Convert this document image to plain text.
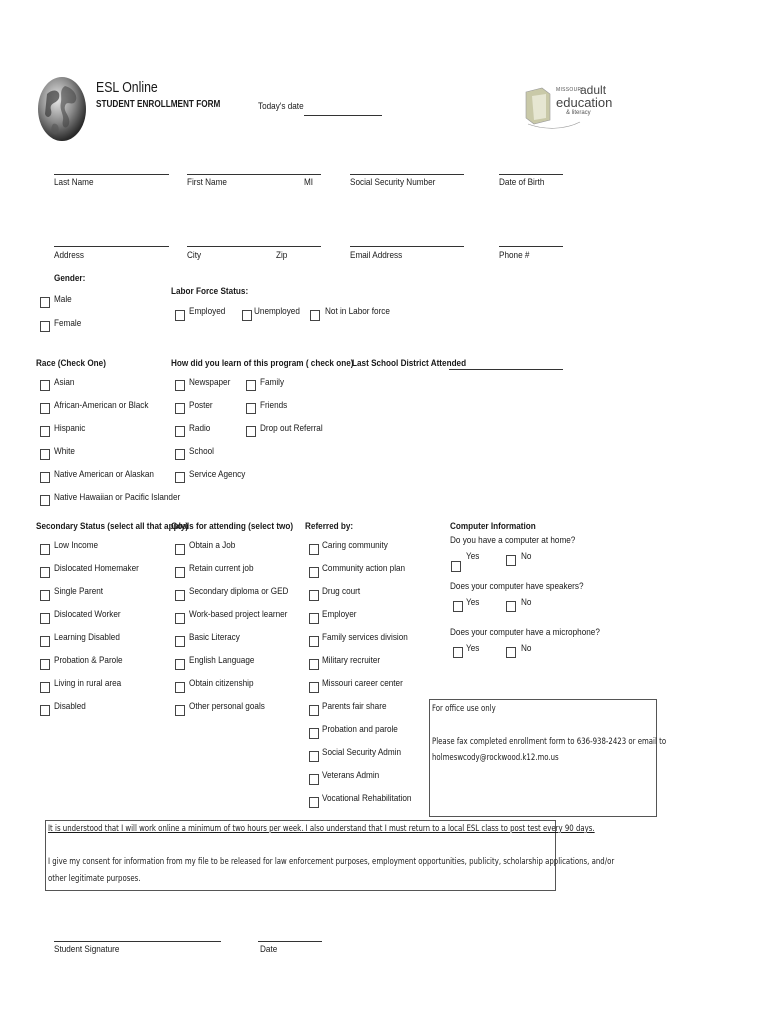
ESL Online
STUDENT ENROLLMENT FORM	Today's date
MISSOURI
adult
education
& literacy
Last Name	First Name	MI	Social Security Number	Date of Birth
Address	City	Zip	Email Address	Phone #
Gender:
Male
Female
Labor Force Status:
Employed	Unemployed	Not in Labor force
Race (Check One)	How did you learn of this program ( check one)
Last School District Attended
Asian
African-American or Black
Hispanic
White
Native American or Alaskan
Native Hawaiian or Pacific Islander
Newspaper
Poster
Radio
School
Service Agency
Family
Friends
Drop out Referral
Secondary Status (select all that apply)
Goals for attending (select two) Referred by:	Computer Information
Low Income
Dislocated Homemaker
Single Parent
Dislocated Worker
Learning Disabled
Probation & Parole
Living in rural area
Disabled
Obtain a Job
Retain current job
Secondary diploma or GED
Work-based project learner
Basic Literacy
English Language
Obtain citizenship
Other personal goals
Caring community
Community action plan
Drug court
Employer
Family services division
Military recruiter
Missouri career center
Parents fair share
Probation and parole
Social Security Admin
Veterans Admin
Vocational Rehabilitation
Do you have a computer at home?
Yes	No
Does your computer have speakers?
Yes	No
Does your computer have a microphone?
Yes	No
For office use only
Please fax completed enrollment form to 636-938-2423 or email to
holmeswcody@rockwood.k12.mo.us
It is understood that I will work online a minimum of two hours per week. I also understand that I must return to a local ESL class to post test every 90 days.
I give my consent for information from my file to be released for law enforcement purposes, employment opportunities, publicity, scholarship applications, and/or
other legitimate purposes.
Student Signature	Date
